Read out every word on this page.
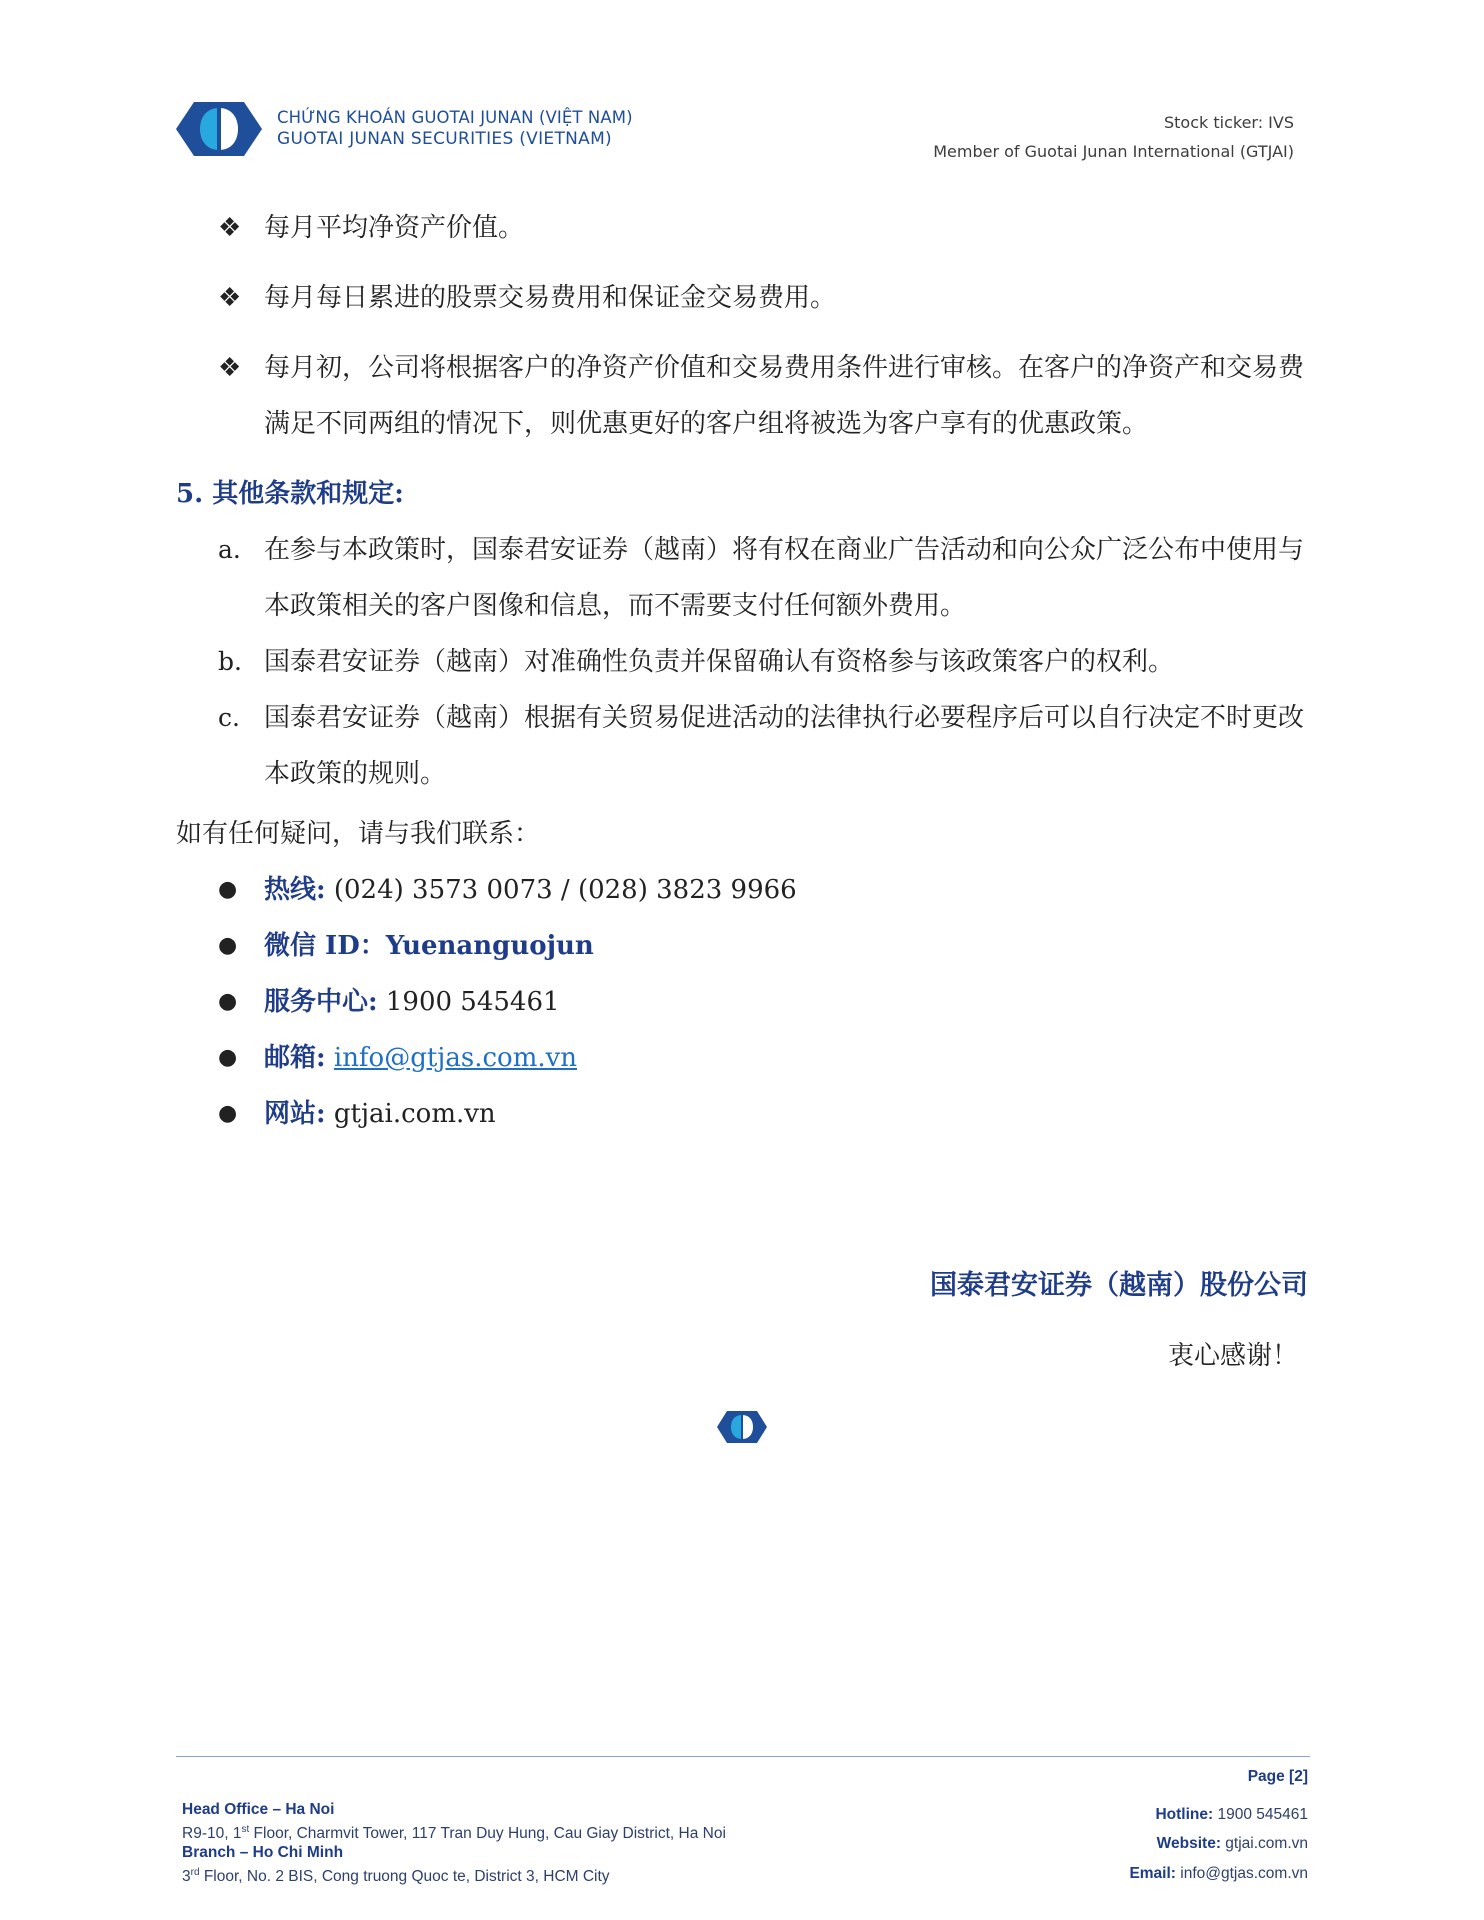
CHỨNG KHOÁN GUOTAI JUNAN (VIỆT NAM)
GUOTAI JUNAN SECURITIES (VIETNAM)
Stock ticker: IVS
Member of Guotai Junan International (GTJAI)
❖ 每月平均净资产价值。
❖ 每月每日累进的股票交易费用和保证金交易费用。
❖ 每月初，公司将根据客户的净资产价值和交易费用条件进行审核。在客户的净资产和交易费满足不同两组的情况下，则优惠更好的客户组将被选为客户享有的优惠政策。
5. 其他条款和规定:
a. 在参与本政策时，国泰君安证券（越南）将有权在商业广告活动和向公众广泛公布中使用与本政策相关的客户图像和信息，而不需要支付任何额外费用。
b. 国泰君安证券（越南）对准确性负责并保留确认有资格参与该政策客户的权利。
c. 国泰君安证券（越南）根据有关贸易促进活动的法律执行必要程序后可以自行决定不时更改本政策的规则。
如有任何疑问，请与我们联系：
●	热线: (024) 3573 0073 / (028) 3823 9966
●	微信 ID：Yuenanguojun
●	服务中心: 1900 545461
●	邮箱: info@gtjas.com.vn
●	网站: gtjai.com.vn
国泰君安证券（越南）股份公司
衷心感谢！
Head Office – Ha Noi
R9-10, 1st Floor, Charmvit Tower, 117 Tran Duy Hung, Cau Giay District, Ha Noi
Branch – Ho Chi Minh
3rd Floor, No. 2 BIS, Cong truong Quoc te, District 3, HCM City
Page [2]
Hotline: 1900 545461
Website: gtjai.com.vn
Email: info@gtjas.com.vn
